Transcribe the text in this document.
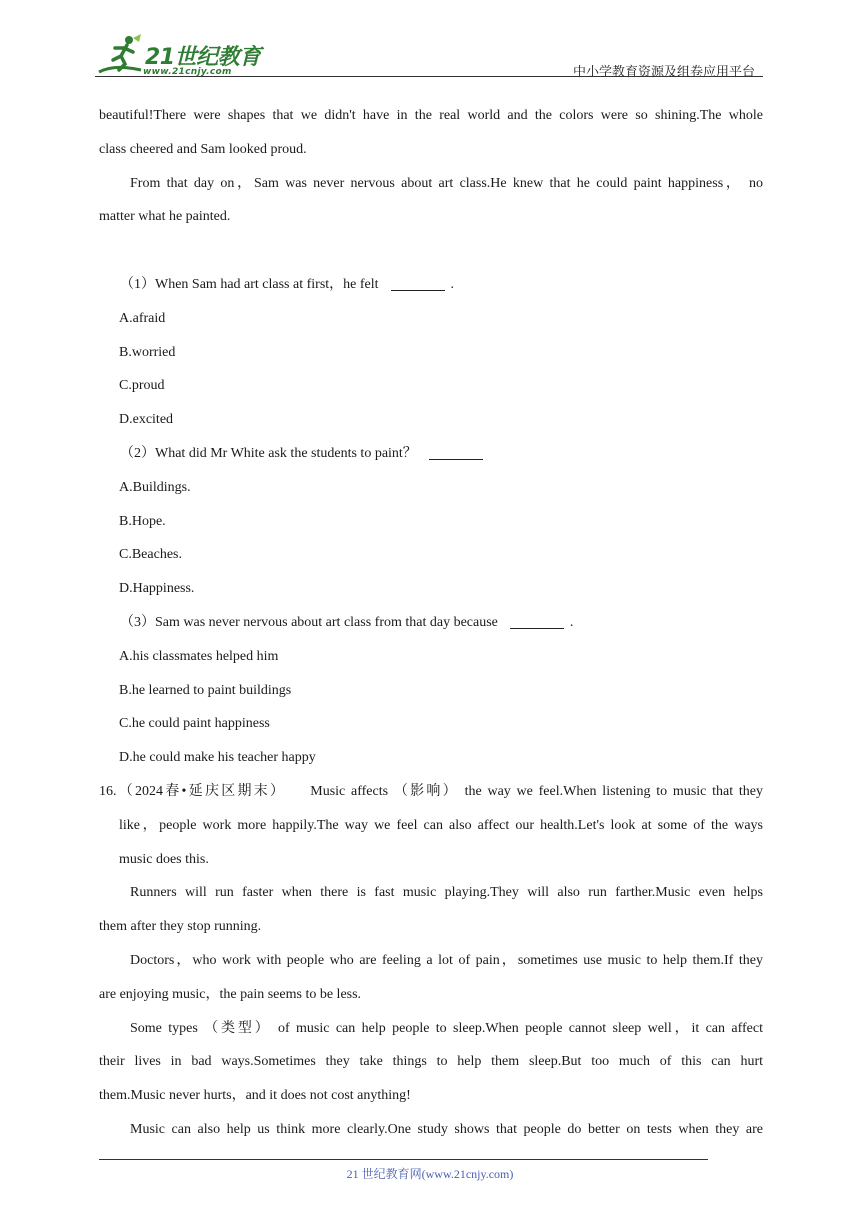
21世纪教育
www.21cnjy.com	中小学教育资源及组卷应用平台
beautiful!There were shapes that we didn't have in the real world and the colors were so shining.The whole
class cheered and Sam looked proud.
From that day on，Sam was never nervous about art class.He knew that he could paint happiness， no
matter what he painted.
（1）When Sam had art class at first，he felt	.
A.afraid
B.worried
C.proud
D.excited
（2）What did Mr White ask the students to paint？
A.Buildings.
B.Hope.
C.Beaches.
D.Happiness.
（3）Sam was never nervous about art class from that day because	.
A.his classmates helped him
B.he learned to paint buildings
C.he could paint happiness
D.he could make his teacher happy
16.（2024春•延庆区期末） Music affects （影响） the way we feel.When listening to music that they
like，people work more happily.The way we feel can also affect our health.Let's look at some of the ways
music does this.
Runners will run faster when there is fast music playing.They will also run farther.Music even helps
them after they stop running.
Doctors，who work with people who are feeling a lot of pain，sometimes use music to help them.If they
are enjoying music，the pain seems to be less.
Some types （类型） of music can help people to sleep.When people cannot sleep well，it can affect
their lives in bad ways.Sometimes they take things to help them sleep.But too much of this can hurt
them.Music never hurts，and it does not cost anything!
Music can also help us think more clearly.One study shows that people do better on tests when they are
21 世纪教育网(www.21cnjy.com)
